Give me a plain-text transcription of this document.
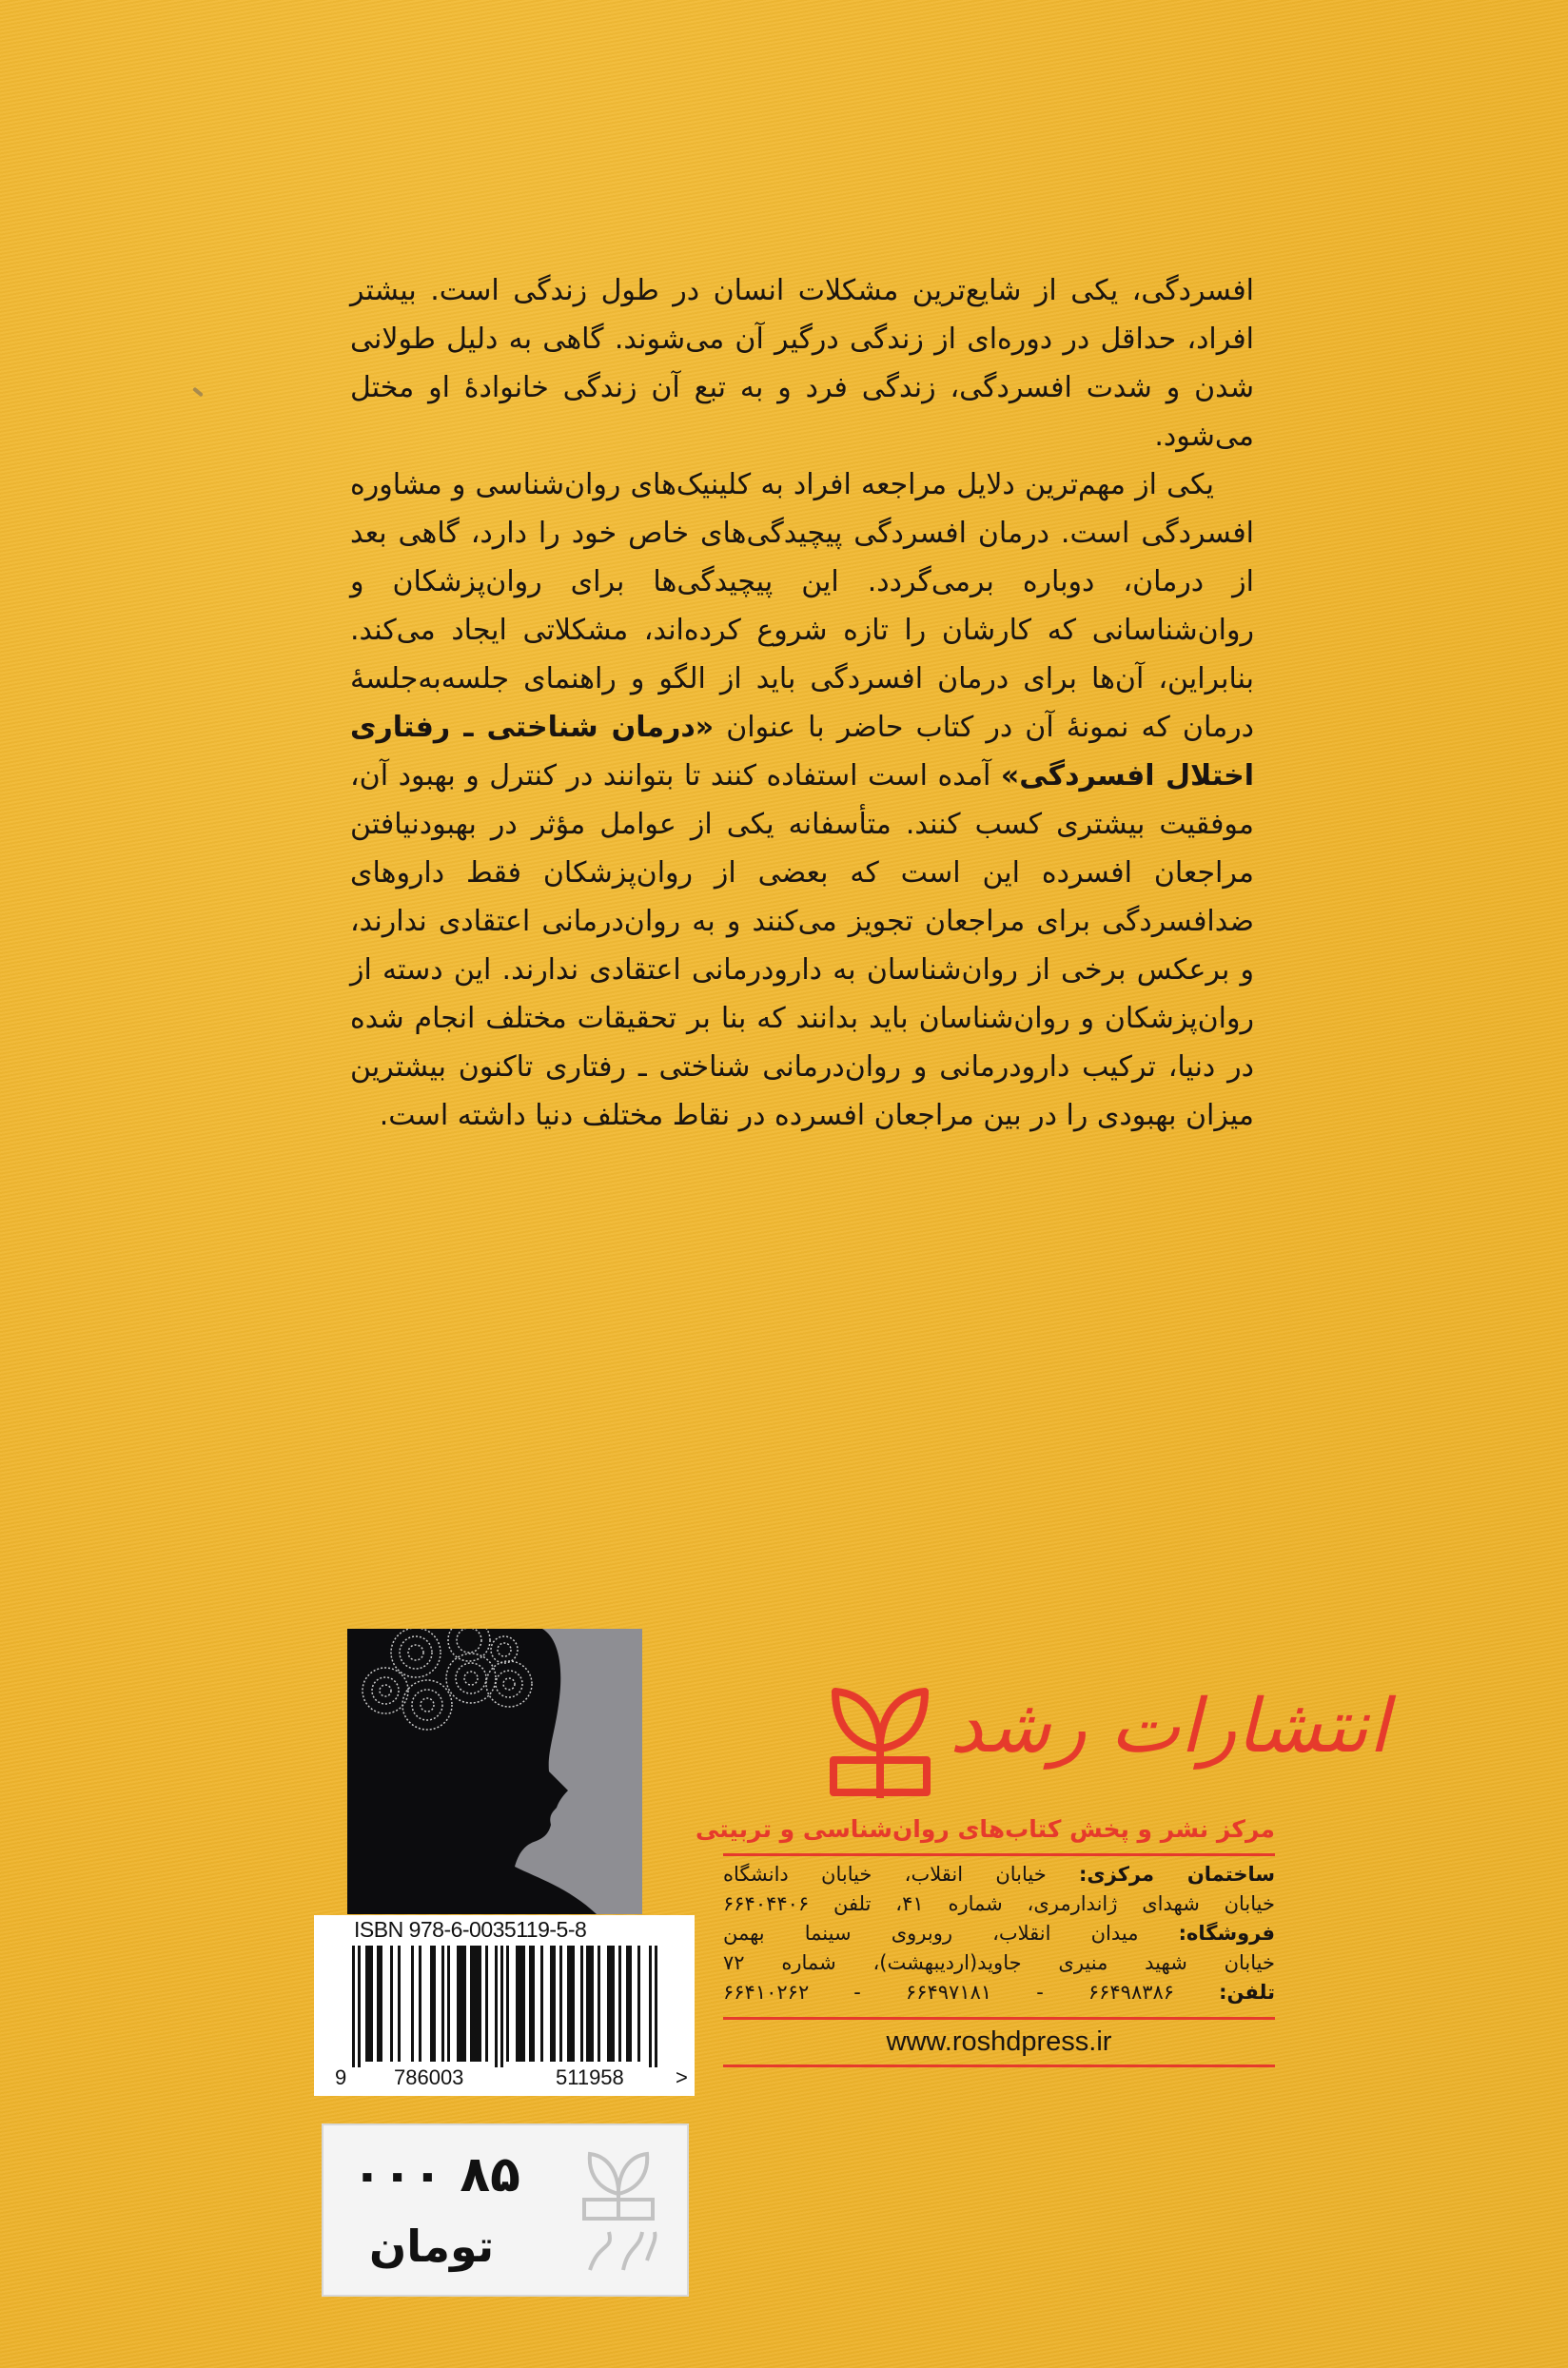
افسردگی، یکی از شایع‌ترین مشکلات انسان در طول زندگی است. بیشتر افراد، حداقل در دوره‌ای از زندگی درگیر آن می‌شوند. گاهی به دلیل طولانی شدن و شدت افسردگی، زندگی فرد و به تبع آن زندگی خانوادهٔ او مختل می‌شود.

یکی از مهم‌ترین دلایل مراجعه افراد به کلینیک‌های روان‌شناسی و مشاوره افسردگی است. درمان افسردگی پیچیدگی‌های خاص خود را دارد، گاهی بعد از درمان، دوباره برمی‌گردد. این پیچیدگی‌ها برای روان‌پزشکان و روان‌شناسانی که کارشان را تازه شروع کرده‌اند، مشکلاتی ایجاد می‌کند. بنابراین، آن‌ها برای درمان افسردگی باید از الگو و راهنمای جلسه‌به‌جلسهٔ درمان که نمونهٔ آن در کتاب حاضر با عنوان «درمان شناختی ـ رفتاری اختلال افسردگی» آمده است استفاده کنند تا بتوانند در کنترل و بهبود آن، موفقیت بیشتری کسب کنند. متأسفانه یکی از عوامل مؤثر در بهبودنیافتن مراجعان افسرده این است که بعضی از روان‌پزشکان فقط داروهای ضدافسردگی برای مراجعان تجویز می‌کنند و به روان‌درمانی اعتقادی ندارند، و برعکس برخی از روان‌شناسان به دارودرمانی اعتقادی ندارند. این دسته از روان‌پزشکان و روان‌شناسان باید بدانند که بنا بر تحقیقات مختلف انجام شده در دنیا، ترکیب دارودرمانی و روان‌درمانی شناختی ـ رفتاری تاکنون بیشترین میزان بهبودی را در بین مراجعان افسرده در نقاط مختلف دنیا داشته است.

ISBN 978-6-0035119-5-8
9 786003	511958 >
۸۵ ۰۰۰
تومان
انتشارات رشد
مرکز نشر و پخش کتاب‌های روان‌شناسی و تربیتی
ساختمان مرکزی: خیابان انقلاب، خیابان دانشگاه
خیابان شهدای ژاندارمری، شماره ۴۱، تلفن ۶۶۴۰۴۴۰۶
فروشگاه: میدان انقلاب، روبروی سینما بهمن
خیابان شهید منیری جاوید(اردیبهشت)، شماره ۷۲
تلفن: ۶۶۴۹۸۳۸۶ - ۶۶۴۹۷۱۸۱ - ۶۶۴۱۰۲۶۲
www.roshdpress.ir
